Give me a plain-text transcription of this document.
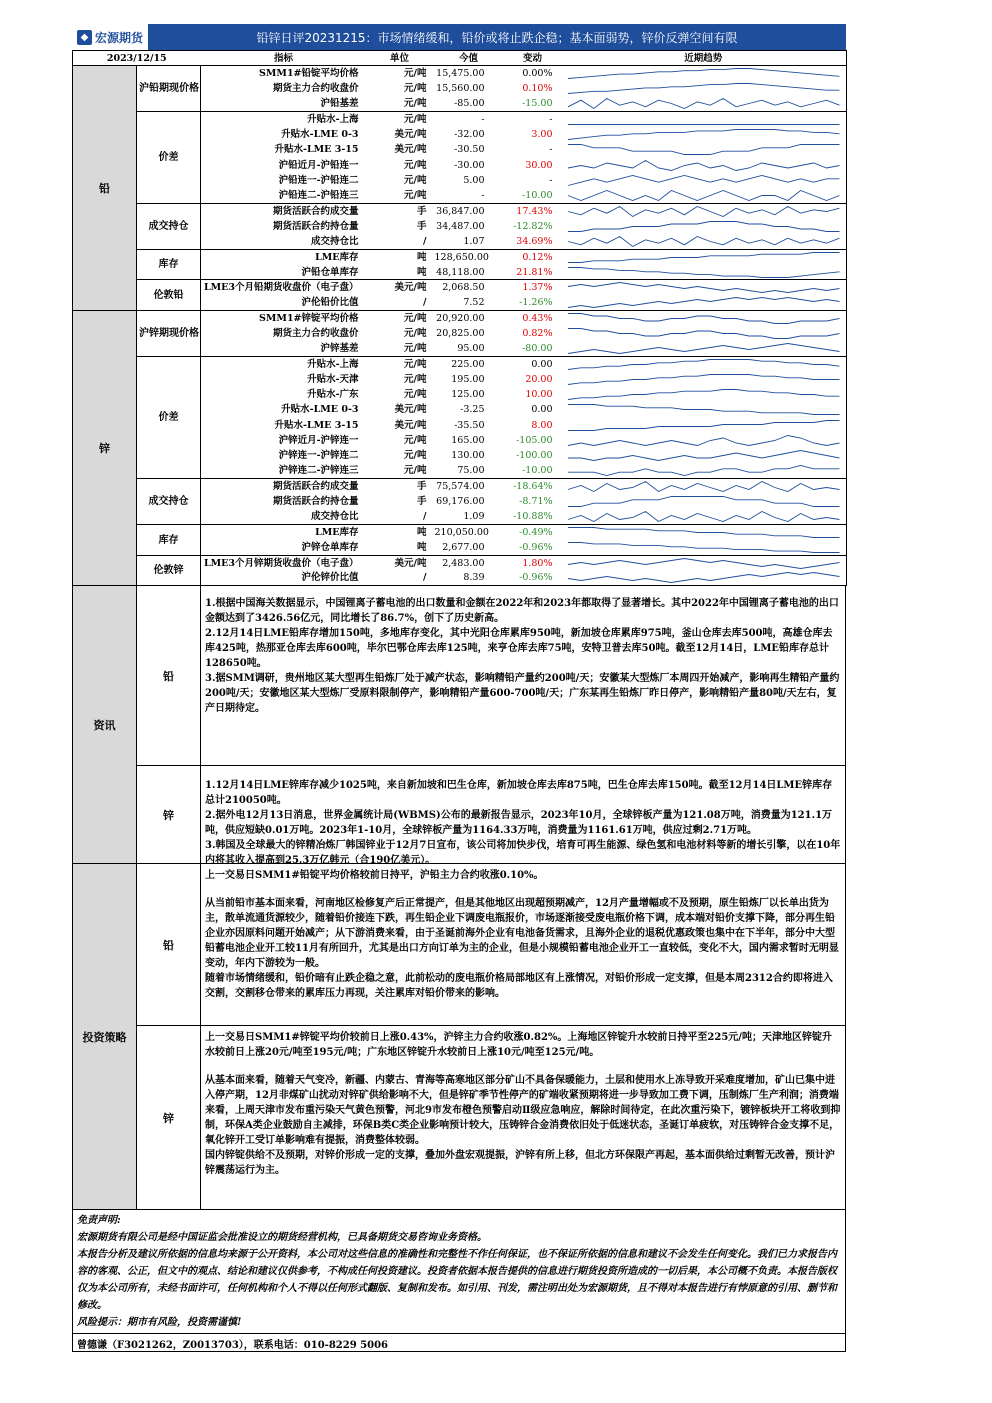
◆ 宏源期货	铅锌日评20231215：市场情绪缓和，铅价或将止跌企稳；基本面弱势，锌价反弹空间有限
2023/12/15		指标	单位	今值	变动	近期趋势
铅	沪铅期现价格	SMM1#铅锭平均价格	元/吨	15,475.00	0.00%	

		期货主力合约收盘价	元/吨	15,560.00	0.10%	

		沪铅基差	元/吨	-85.00	-15.00	

	价差	升贴水-上海	元/吨	-	-	

		升贴水-LME 0-3	美元/吨	-32.00	3.00	

		升贴水-LME 3-15	美元/吨	-30.50	-	

		沪铅近月-沪铅连一	元/吨	-30.00	30.00	

		沪铅连一-沪铅连二	元/吨	5.00	-	

		沪铅连二-沪铅连三	元/吨	-	-10.00	

	成交持仓	期货活跃合约成交量	手	36,847.00	17.43%	

		期货活跃合约持仓量	手	34,487.00	-12.82%	

		成交持仓比	/	1.07	34.69%	

	库存	LME库存	吨	128,650.00	0.12%	

		沪铅仓单库存	吨	48,118.00	21.81%	

	伦敦铅	LME3个月铅期货收盘价（电子盘）	美元/吨	2,068.50	1.37%	

		沪伦铅价比值	/	7.52	-1.26%	

锌	沪锌期现价格	SMM1#锌锭平均价格	元/吨	20,920.00	0.43%	

		期货主力合约收盘价	元/吨	20,825.00	0.82%	

		沪锌基差	元/吨	95.00	-80.00	

	价差	升贴水-上海	元/吨	225.00	0.00	

		升贴水-天津	元/吨	195.00	20.00	

		升贴水-广东	元/吨	125.00	10.00	

		升贴水-LME 0-3	美元/吨	-3.25	0.00	

		升贴水-LME 3-15	美元/吨	-35.50	8.00	

		沪锌近月-沪锌连一	元/吨	165.00	-105.00	

		沪锌连一-沪锌连二	元/吨	130.00	-100.00	

		沪锌连二-沪锌连三	元/吨	75.00	-10.00	

	成交持仓	期货活跃合约成交量	手	75,574.00	-18.64%	

		期货活跃合约持仓量	手	69,176.00	-8.71%	

		成交持仓比	/	1.09	-10.88%	

	库存	LME库存	吨	210,050.00	-0.49%	

		沪锌仓单库存	吨	2,677.00	-0.96%	

	伦敦锌	LME3个月锌期货收盘价（电子盘）	美元/吨	2,483.00	1.80%	

		沪伦锌价比值	/	8.39	-0.96%	
资讯
铅

1.根据中国海关数据显示，中国锂离子蓄电池的出口数量和金额在2022年和2023年都取得了显著增长。其中2022年中国锂离子蓄电池的出口金额达到了3426.56亿元，同比增长了86.7%，创下了历史新高。

2.12月14日LME铅库存增加150吨，多地库存变化，其中光阳仓库累库950吨，新加坡仓库累库975吨，釜山仓库去库500吨，高雄仓库去库425吨，热那亚仓库去库600吨，毕尔巴鄂仓库去库125吨，来亨仓库去库75吨，安特卫普去库50吨。截至12月14日，LME铅库存总计128650吨。

3.据SMM调研，贵州地区某大型再生铅炼厂处于减产状态，影响精铅产量约200吨/天；安徽某大型炼厂本周四开始减产，影响再生精铅产量约200吨/天；安徽地区某大型炼厂受原料限制停产，影响精铅产量600-700吨/天；广东某再生铅炼厂昨日停产，影响精铅产量80吨/天左右，复产日期待定。

锌

1.12月14日LME锌库存减少1025吨，来自新加坡和巴生仓库，新加坡仓库去库875吨，巴生仓库去库150吨。截至12月14日LME锌库存总计210050吨。

2.据外电12月13日消息，世界金属统计局(WBMS)公布的最新报告显示，2023年10月，全球锌板产量为121.08万吨，消费量为121.1万吨，供应短缺0.01万吨。2023年1-10月，全球锌板产量为1164.33万吨，消费量为1161.61万吨，供应过剩2.71万吨。

3.韩国及全球最大的锌精冶炼厂韩国锌业于12月7日宣布，该公司将加快步伐，培育可再生能源、绿色氢和电池材料等新的增长引擎，以在10年内将其收入提高到25.3万亿韩元（合190亿美元）。

投资策略
铅

上一交易日SMM1#铅锭平均价格较前日持平，沪铅主力合约收涨0.10%。

从当前铅市基本面来看，河南地区检修复产后正常提产，但是其他地区出现超预期减产，12月产量增幅或不及预期，原生铅炼厂以长单出货为主，散单流通货源较少，随着铅价接连下跌，再生铅企业下调废电瓶报价，市场逐渐接受废电瓶价格下调，成本端对铅价支撑下降，部分再生铅企业亦因原料问题开始减产；从下游消费来看，由于圣诞前海外企业有电池备货需求，且海外企业的退税优惠政策也集中在下半年，部分中大型铅蓄电池企业开工较11月有所回升，尤其是出口方向订单为主的企业，但是小规模铅蓄电池企业开工一直较低，变化不大，国内需求暂时无明显变动，年内下游较为一般。

随着市场情绪缓和，铅价暗有止跌企稳之意，此前松动的废电瓶价格局部地区有上涨情况，对铅价形成一定支撑，但是本周2312合约即将进入交割，交割移仓带来的累库压力再现，关注累库对铅价带来的影响。

锌

上一交易日SMM1#锌锭平均价较前日上涨0.43%，沪锌主力合约收涨0.82%。上海地区锌锭升水较前日持平至225元/吨；天津地区锌锭升水较前日上涨20元/吨至195元/吨；广东地区锌锭升水较前日上涨10元/吨至125元/吨。

从基本面来看，随着天气变冷，新疆、内蒙古、青海等高寒地区部分矿山不具备保暖能力，土层和使用水上冻导致开采难度增加，矿山已集中进入停产期，12月非煤矿山扰动对锌矿供给影响不大，但是锌矿季节性停产的矿端收紧预期将进一步导致加工费下调，压制炼厂生产利润；消费端来看，上周天津市发布重污染天气黄色预警，河北9市发布橙色预警启动Ⅱ级应急响应，解除时间待定，在此次重污染下，镀锌板块开工将收到抑制，环保A类企业鼓励自主减排，环保B类C类企业影响预计较大，压铸锌合金消费依旧处于低迷状态，圣诞订单疲软，对压铸锌合金支撑不足，氧化锌开工受订单影响难有提振，消费整体较弱。

国内锌锭供给不及预期，对锌价形成一定的支撑，叠加外盘宏观提振，沪锌有所上移，但北方环保限产再起，基本面供给过剩暂无改善，预计沪锌震荡运行为主。

免责声明:
宏源期货有限公司是经中国证监会批准设立的期货经营机构，已具备期货交易咨询业务资格。
本报告分析及建议所依据的信息均来源于公开资料，本公司对这些信息的准确性和完整性不作任何保证，也不保证所依据的信息和建议不会发生任何变化。我们已力求报告内容的客观、公正，但文中的观点、结论和建议仅供参考，不构成任何投资建议。投资者依据本报告提供的信息进行期货投资所造成的一切后果，本公司概不负责。本报告版权仅为本公司所有，未经书面许可，任何机构和个人不得以任何形式翻版、复制和发布。如引用、刊发，需注明出处为宏源期货，且不得对本报告进行有悖原意的引用、删节和修改。
风险提示：期市有风险，投资需谨慎!
曾德谦（F3021262，Z0013703），联系电话：010-8229 5006
